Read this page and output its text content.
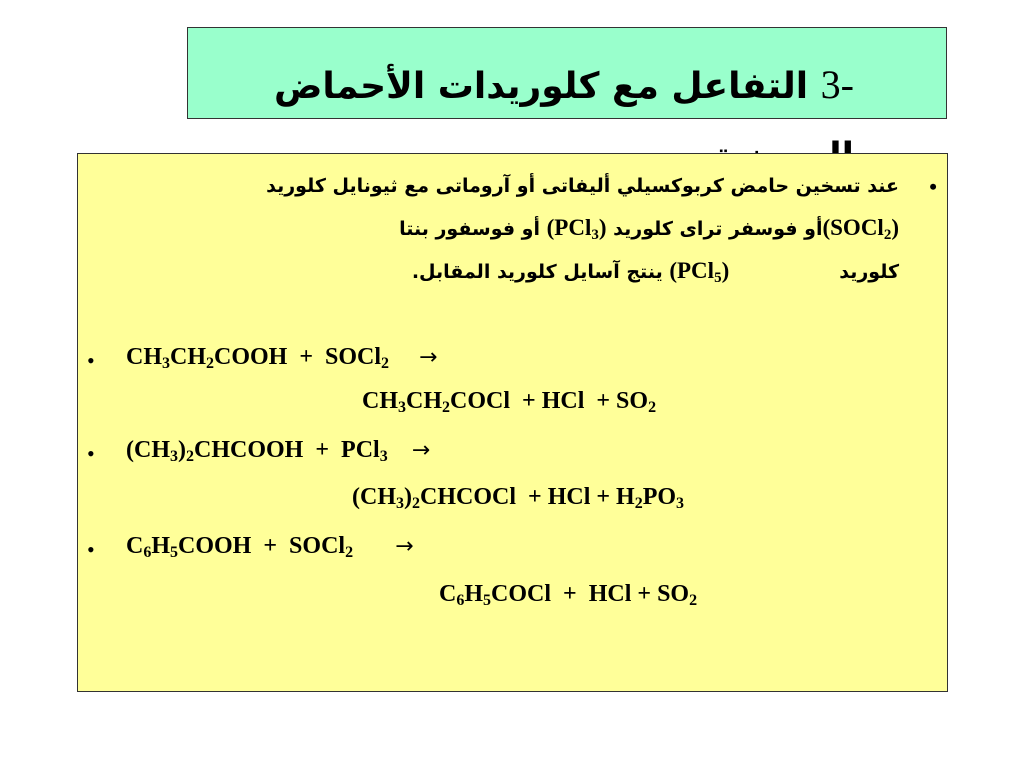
-3 التفاعل مع كلوريدات الأحماض
•
عند تسخين حامض كربوكسيلي أليفاتى أو آروماتى مع ثيونايل كلوريد
(SOCl$_2$)أو فوسفر تراى كلوريد (PCl$_3$) أو فوسفور بنتا
كلوريد(PCl$_5$) ينتج آسايل كلوريد المقابل.
• $CH_3CH_2COOH$  + SOCl$_2$ →
$CH_3CH_2COCl$  + HCl + $SO_2$
• $(CH_3)_2CHCOOH + PCl_3$ →
$(CH_3)_2CHCOCl$  + HCl + $H_2PO_3$
• $C_6H_5COOH$  + SOCl$_2$ →
$C_6H_5COCl$  + HCl + $SO_2$
